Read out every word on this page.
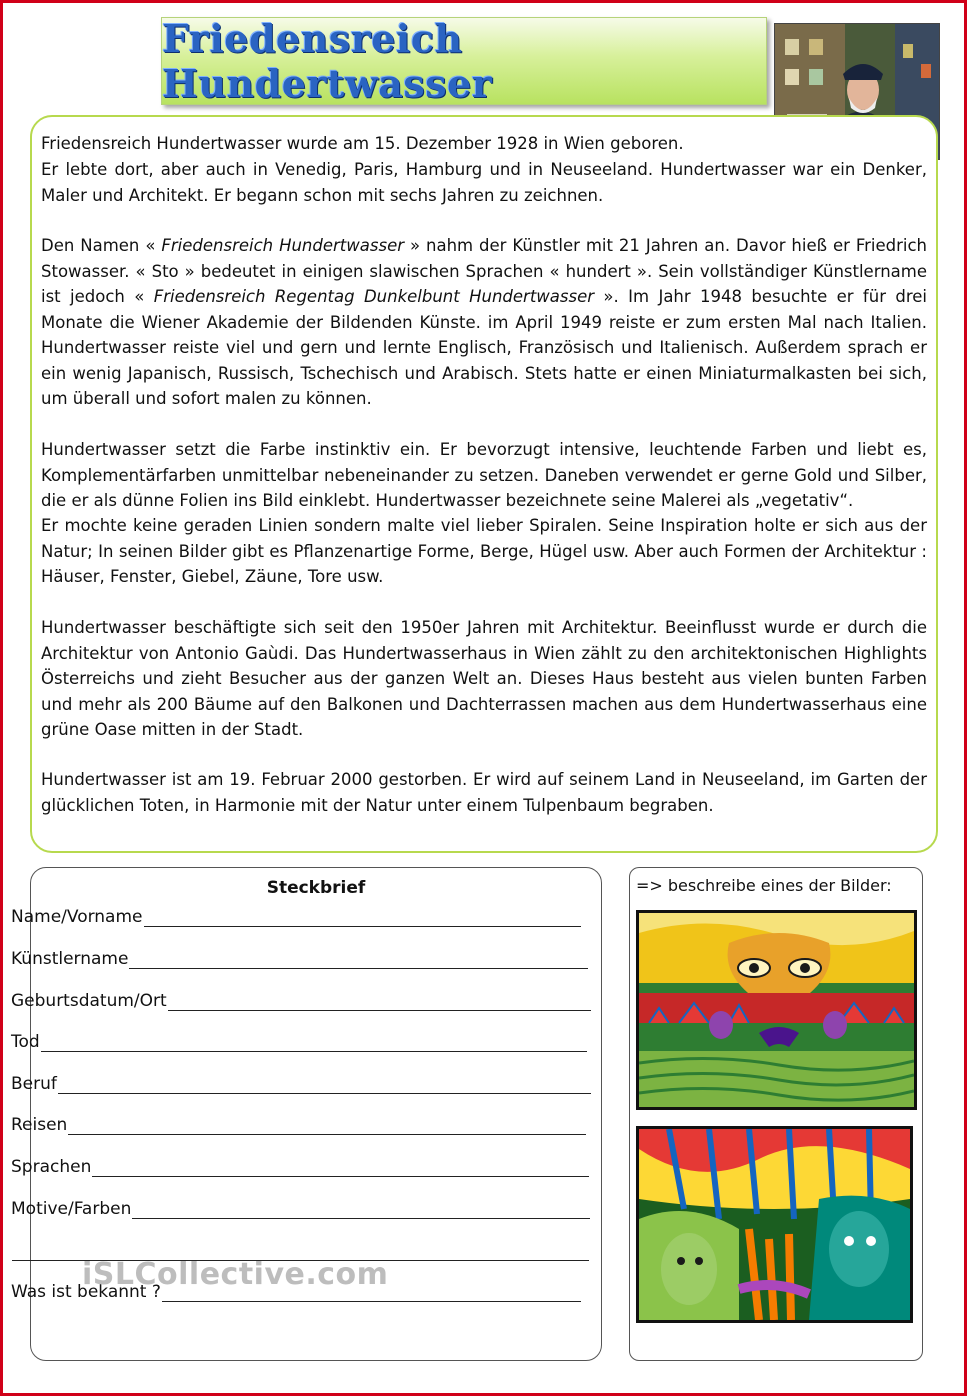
Friedensreich Hundertwasser
Friedensreich Hundertwasser wurde am 15. Dezember 1928 in Wien geboren.
Er lebte dort, aber auch in Venedig, Paris, Hamburg und in Neuseeland. Hundertwasser war ein Denker, Maler und Architekt. Er begann schon mit sechs Jahren zu zeichnen.
Den Namen « Friedensreich Hundertwasser » nahm der Künstler mit 21 Jahren an. Davor hieß er Friedrich Stowasser. « Sto » bedeutet in einigen slawischen Sprachen « hundert ». Sein vollständiger Künstlername ist jedoch « Friedensreich Regentag Dunkelbunt Hundertwasser ». Im Jahr 1948 besuchte er für drei Monate die Wiener Akademie der Bildenden Künste. im April 1949 reiste er zum ersten Mal nach Italien. Hundertwasser reiste viel und gern und lernte Englisch, Französisch und Italienisch. Außerdem sprach er ein wenig Japanisch, Russisch, Tschechisch und Arabisch. Stets hatte er einen Miniaturmalkasten bei sich, um überall und sofort malen zu können.
Hundertwasser setzt die Farbe instinktiv ein. Er bevorzugt intensive, leuchtende Farben und liebt es, Komplementärfarben unmittelbar nebeneinander zu setzen. Daneben verwendet er gerne Gold und Silber, die er als dünne Folien ins Bild einklebt. Hundertwasser bezeichnete seine Malerei als „vegetativ“.
Er mochte keine geraden Linien sondern malte viel lieber Spiralen. Seine Inspiration holte er sich aus der Natur; In seinen Bilder gibt es Pflanzenartige Forme, Berge, Hügel usw. Aber auch Formen der Architektur : Häuser, Fenster, Giebel, Zäune, Tore usw.
Hundertwasser beschäftigte sich seit den 1950er Jahren mit Architektur. Beeinflusst wurde er durch die Architektur von Antonio Gaùdi. Das Hundertwasserhaus in Wien zählt zu den architektonischen Highlights Österreichs und zieht Besucher aus der ganzen Welt an. Dieses Haus besteht aus vielen bunten Farben und mehr als 200 Bäume auf den Balkonen und Dachterrassen machen aus dem Hundertwasserhaus eine grüne Oase mitten in der Stadt.
Hundertwasser ist am 19. Februar 2000 gestorben. Er wird auf seinem Land in Neuseeland, im Garten der glücklichen Toten, in Harmonie mit der Natur unter einem Tulpenbaum begraben.
Steckbrief
Name/Vorname
Künstlername
Geburtsdatum/Ort
Tod
Beruf
Reisen
Sprachen
Motive/Farben
Was ist bekannt ?
iSLCollective.com
=> beschreibe eines der Bilder:
